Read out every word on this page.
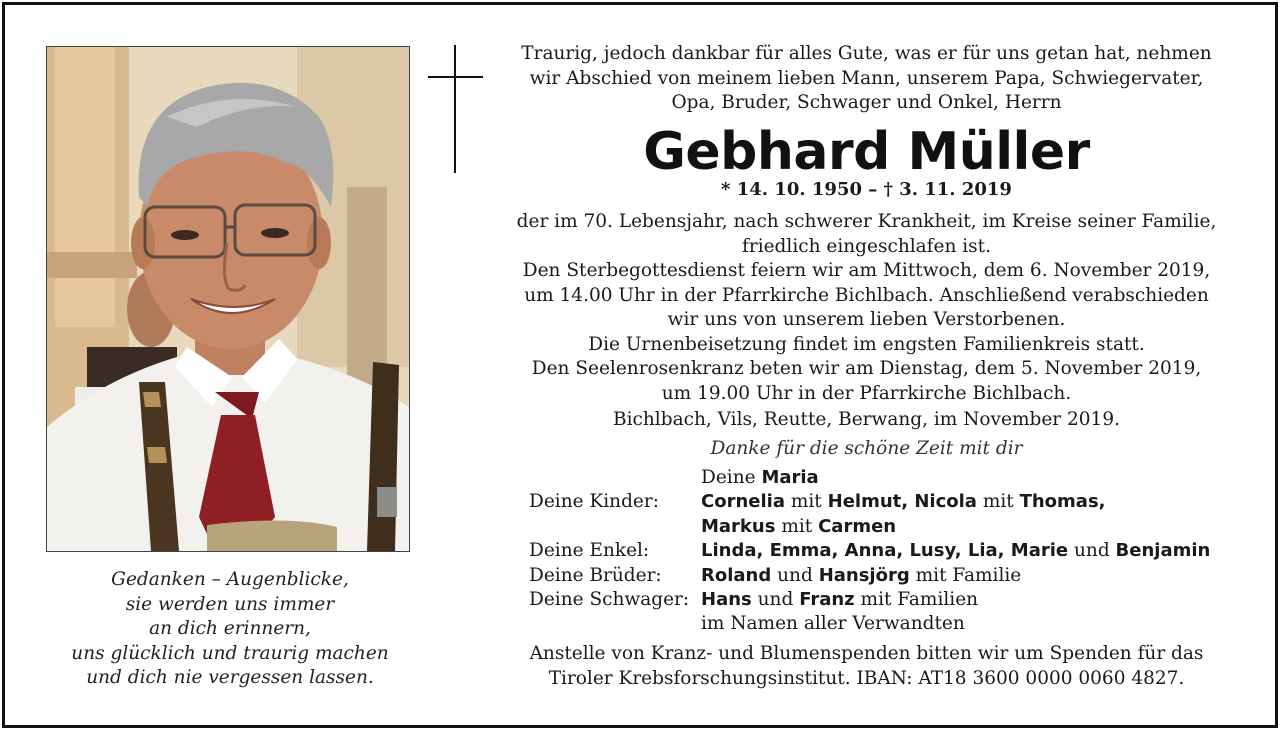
Gedanken – Augenblicke,
sie werden uns immer
an dich erinnern,
uns glücklich und traurig machen
und dich nie vergessen lassen.
Traurig, jedoch dankbar für alles Gute, was er für uns getan hat, nehmen
wir Abschied von meinem lieben Mann, unserem Papa, Schwiegervater,
Opa, Bruder, Schwager und Onkel, Herrn
Gebhard Müller
* 14. 10. 1950 – † 3. 11. 2019
der im 70. Lebensjahr, nach schwerer Krankheit, im Kreise seiner Familie,
friedlich eingeschlafen ist.
Den Sterbegottesdienst feiern wir am Mittwoch, dem 6. November 2019,
um 14.00 Uhr in der Pfarrkirche Bichlbach. Anschließend verabschieden
wir uns von unserem lieben Verstorbenen.
Die Urnenbeisetzung findet im engsten Familienkreis statt.
Den Seelenrosenkranz beten wir am Dienstag, dem 5. November 2019,
um 19.00 Uhr in der Pfarrkirche Bichlbach.
Bichlbach, Vils, Reutte, Berwang, im November 2019.
Danke für die schöne Zeit mit dir
Deine Maria
Deine Kinder:	Cornelia mit Helmut, Nicola mit Thomas,
Markus mit Carmen
Deine Enkel:	Linda, Emma, Anna, Lusy, Lia, Marie und Benjamin
Deine Brüder:	Roland und Hansjörg mit Familie
Deine Schwager: Hans und Franz mit Familien
im Namen aller Verwandten
Anstelle von Kranz- und Blumenspenden bitten wir um Spenden für das
Tiroler Krebsforschungsinstitut. IBAN: AT18 3600 0000 0060 4827.
